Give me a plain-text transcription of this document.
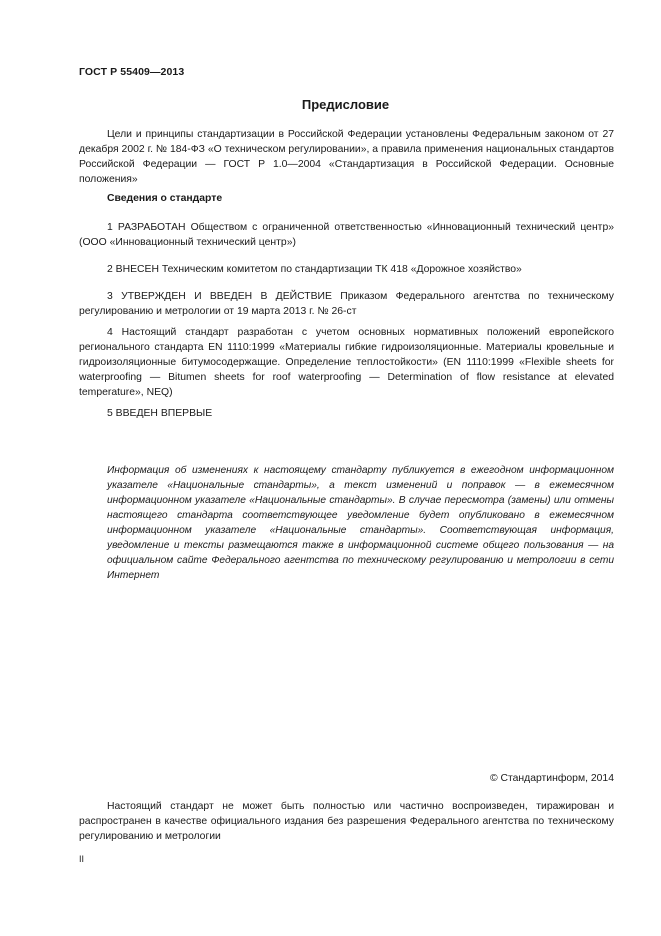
ГОСТ Р 55409—2013
Предисловие

Цели и принципы стандартизации в Российской Федерации установлены Федеральным законом от 27 декабря 2002 г. № 184-ФЗ «О техническом регулировании», а правила применения национальных стандартов Российской Федерации — ГОСТ Р 1.0—2004 «Стандартизация в Российской Федерации. Основные положения»

Сведения о стандарте

1 РАЗРАБОТАН Обществом с ограниченной ответственностью «Инновационный технический центр» (ООО «Инновационный технический центр»)

2 ВНЕСЕН Техническим комитетом по стандартизации ТК 418 «Дорожное хозяйство»

3 УТВЕРЖДЕН И ВВЕДЕН В ДЕЙСТВИЕ Приказом Федерального агентства по техническому регулированию и метрологии от 19 марта 2013 г. № 26-ст

4 Настоящий стандарт разработан с учетом основных нормативных положений европейского регионального стандарта EN 1110:1999 «Материалы гибкие гидроизоляционные. Материалы кровельные и гидроизоляционные битумосодержащие. Определение теплостойкости» (EN 1110:1999 «Flexible sheets for waterproofing — Bitumen sheets for roof waterproofing — Determination of flow resistance at elevated temperature», NEQ)

5 ВВЕДЕН ВПЕРВЫЕ

Информация об изменениях к настоящему стандарту публикуется в ежегодном информационном указателе «Национальные стандарты», а текст изменений и поправок — в ежемесячном информационном указателе «Национальные стандарты». В случае пересмотра (замены) или отмены настоящего стандарта соответствующее уведомление будет опубликовано в ежемесячном информационном указателе «Национальные стандарты». Соответствующая информация, уведомление и тексты размещаются также в информационной системе общего пользования — на официальном сайте Федерального агентства по техническому регулированию и метрологии в сети Интернет

© Стандартинформ, 2014

Настоящий стандарт не может быть полностью или частично воспроизведен, тиражирован и распространен в качестве официального издания без разрешения Федерального агентства по техническому регулированию и метрологии

II
